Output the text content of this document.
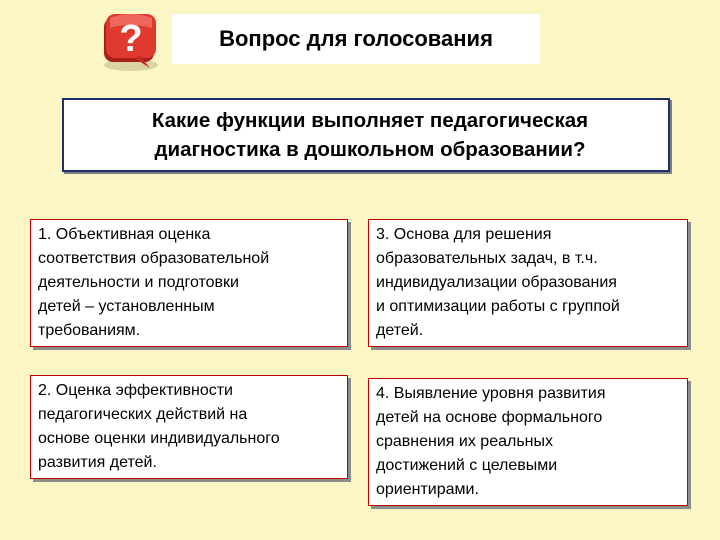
?	Вопрос для голосования
Какие функции выполняет педагогическая
диагностика в дошкольном образовании?
1. Объективная оценка
соответствия образовательной
деятельности и подготовки
детей – установленным
требованиям.
3. Основа для решения
образовательных задач, в т.ч.
индивидуализации образования
и оптимизации работы с группой
детей.
2. Оценка эффективности
педагогических действий на
основе оценки индивидуального
развития детей.
4. Выявление уровня развития
детей на основе формального
сравнения их реальных
достижений с целевыми
ориентирами.
